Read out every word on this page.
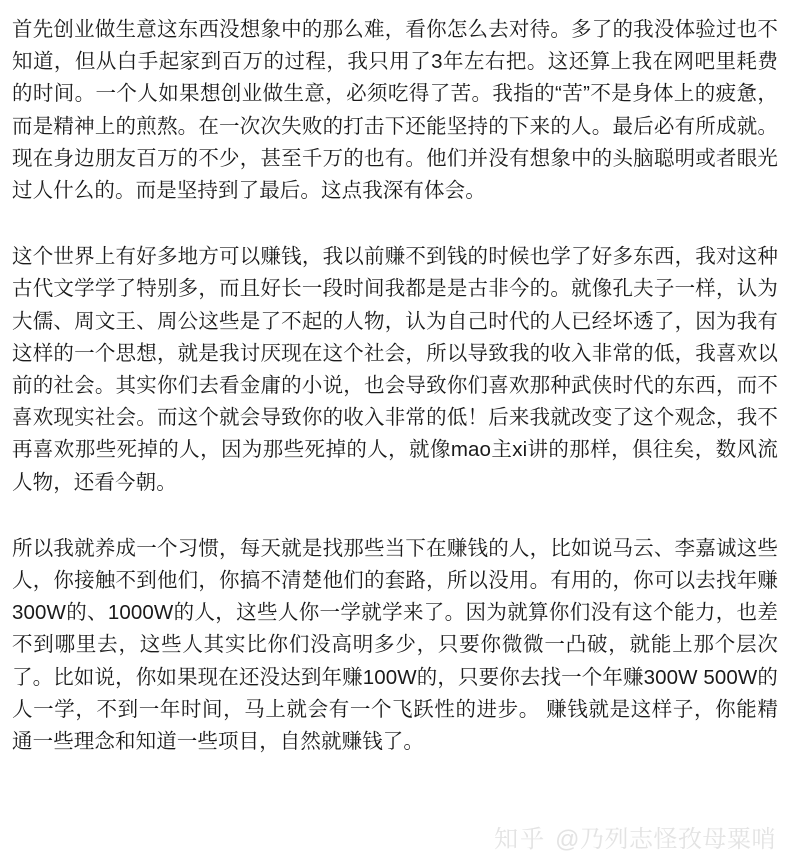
首先创业做生意这东西没想象中的那么难，看你怎么去对待。多了的我没体验过也不知道，但从白手起家到百万的过程，我只用了3年左右把。这还算上我在网吧里耗费的时间。一个人如果想创业做生意，必须吃得了苦。我指的“苦”不是身体上的疲惫，而是精神上的煎熬。在一次次失败的打击下还能坚持的下来的人。最后必有所成就。现在身边朋友百万的不少，甚至千万的也有。他们并没有想象中的头脑聪明或者眼光过人什么的。而是坚持到了最后。这点我深有体会。

这个世界上有好多地方可以赚钱，我以前赚不到钱的时候也学了好多东西，我对这种古代文学学了特别多，而且好长一段时间我都是是古非今的。就像孔夫子一样，认为大儒、周文王、周公这些是了不起的人物，认为自己时代的人已经坏透了，因为我有这样的一个思想，就是我讨厌现在这个社会，所以导致我的收入非常的低，我喜欢以前的社会。其实你们去看金庸的小说，也会导致你们喜欢那种武侠时代的东西，而不喜欢现实社会。而这个就会导致你的收入非常的低！后来我就改变了这个观念，我不再喜欢那些死掉的人，因为那些死掉的人，就像mao主xi讲的那样，俱往矣，数风流人物，还看今朝。

所以我就养成一个习惯，每天就是找那些当下在赚钱的人，比如说马云、李嘉诚这些人，你接触不到他们，你搞不清楚他们的套路，所以没用。有用的，你可以去找年赚300W的、1000W的人，这些人你一学就学来了。因为就算你们没有这个能力，也差不到哪里去，这些人其实比你们没高明多少，只要你微微一凸破，就能上那个层次了。比如说，你如果现在还没达到年赚100W的，只要你去找一个年赚300W 500W的人一学，不到一年时间，马上就会有一个飞跃性的进步。 赚钱就是这样子，你能精通一些理念和知道一些项目，自然就赚钱了。

知乎 @乃列志怪孜母粟哨
